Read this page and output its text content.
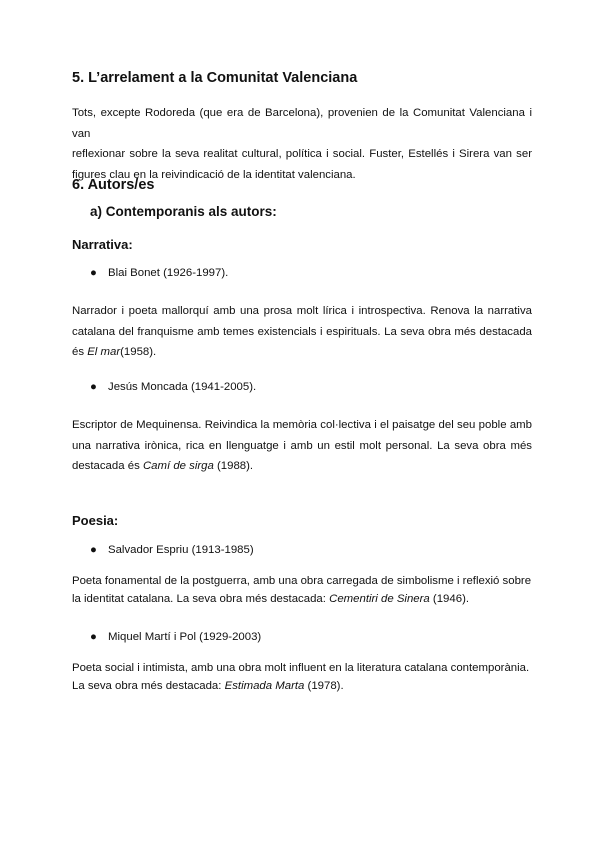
5. L’arrelament a la Comunitat Valenciana
Tots, excepte Rodoreda (que era de Barcelona), provenien de la Comunitat Valenciana i van
reflexionar sobre la seva realitat cultural, política i social. Fuster, Estellés i Sirera van ser
figures clau en la reivindicació de la identitat valenciana.
6. Autors/es
a) Contemporanis als autors:
Narrativa:
● Blai Bonet (1926-1997).
Narrador i poeta mallorquí amb una prosa molt lírica i introspectiva. Renova la narrativa
catalana del franquisme amb temes existencials i espirituals. La seva obra més destacada
és El mar(1958).
● Jesús Moncada (1941-2005).
Escriptor de Mequinensa. Reivindica la memòria col·lectiva i el paisatge del seu poble amb
una narrativa irònica, rica en llenguatge i amb un estil molt personal. La seva obra més
destacada és Camí de sirga (1988).
Poesia:
● Salvador Espriu (1913-1985)
Poeta fonamental de la postguerra, amb una obra carregada de simbolisme i reflexió sobre
la identitat catalana. La seva obra més destacada: Cementiri de Sinera (1946).
● Miquel Martí i Pol (1929-2003)
Poeta social i intimista, amb una obra molt influent en la literatura catalana contemporània.
La seva obra més destacada: Estimada Marta (1978).
